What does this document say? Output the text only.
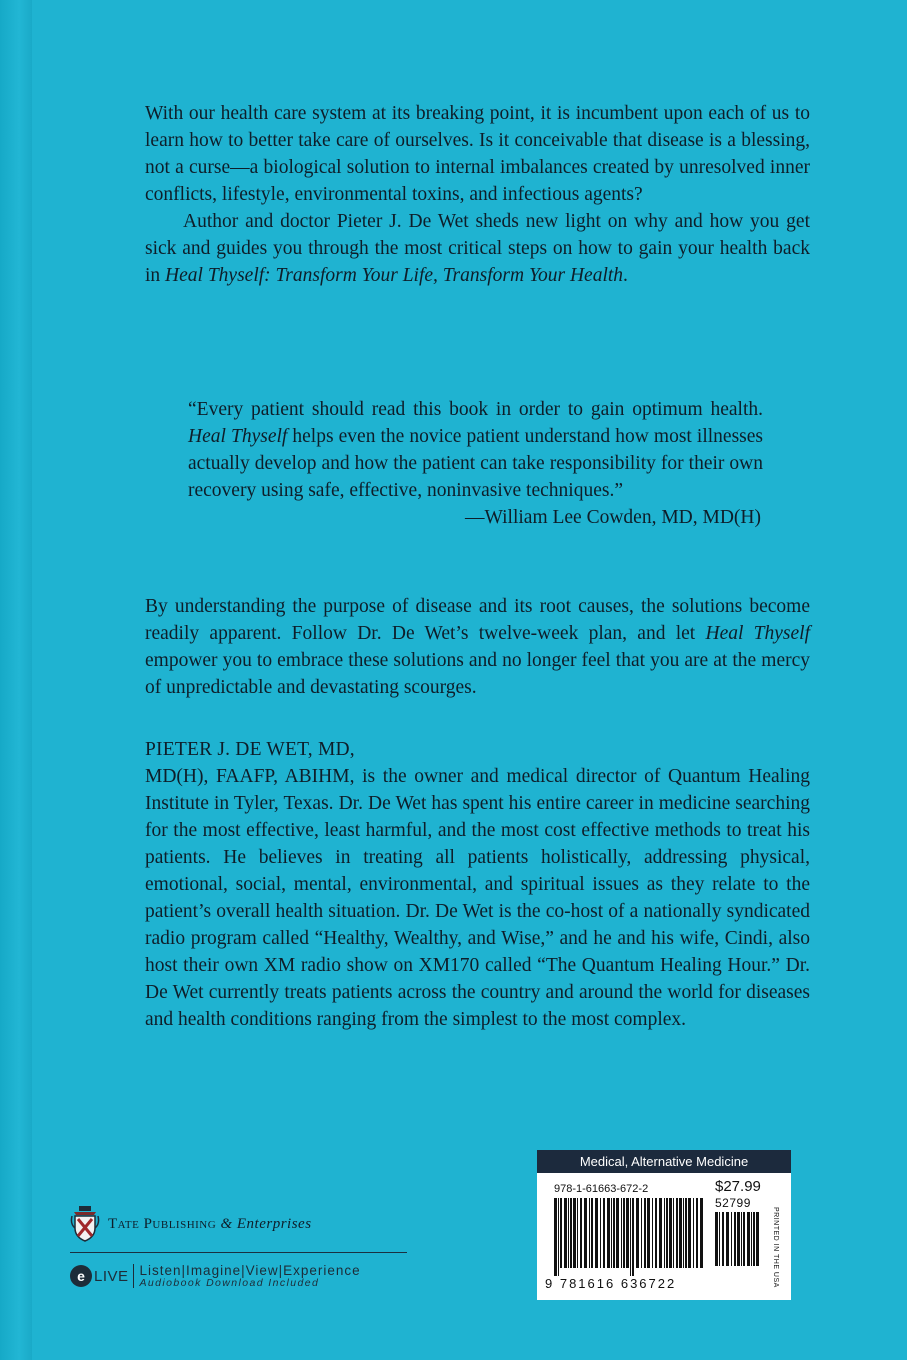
With our health care system at its breaking point, it is incumbent upon each of us to learn how to better take care of ourselves. Is it conceivable that disease is a blessing, not a curse—a biological solution to internal imbalances created by unresolved inner conflicts, lifestyle, environmental toxins, and infectious agents?

Author and doctor Pieter J. De Wet sheds new light on why and how you get sick and guides you through the most critical steps on how to gain your health back in Heal Thyself: Transform Your Life, Transform Your Health.

“Every patient should read this book in order to gain optimum health. Heal Thyself helps even the novice patient understand how most illnesses actually develop and how the patient can take responsibility for their own recovery using safe, effective, noninvasive techniques.”

—William Lee Cowden, MD, MD(H)

By understanding the purpose of disease and its root causes, the solutions become readily apparent. Follow Dr. De Wet’s twelve-week plan, and let Heal Thyself empower you to embrace these solutions and no longer feel that you are at the mercy of unpredictable and devastating scourges.

PIETER J. DE WET, MD,

MD(H), FAAFP, ABIHM, is the owner and medical director of Quantum Healing Institute in Tyler, Texas. Dr. De Wet has spent his entire career in medicine searching for the most effective, least harmful, and the most cost effective methods to treat his patients. He believes in treating all patients holistically, addressing physical, emotional, social, mental, environmental, and spiritual issues as they relate to the patient’s overall health situation. Dr. De Wet is the co-host of a nationally syndicated radio program called “Healthy, Wealthy, and Wise,” and he and his wife, Cindi, also host their own XM radio show on XM170 called “The Quantum Healing Hour.” Dr. De Wet currently treats patients across the country and around the world for diseases and health conditions ranging from the simplest to the most complex.

Tate Publishing & Enterprises
e LIVE Listen|Imagine|View|Experience
Audiobook Download Included
Medical, Alternative Medicine
978-1-61663-672-2	$27.99
52799
PRINTED IN THE USA
9 781616 636722
